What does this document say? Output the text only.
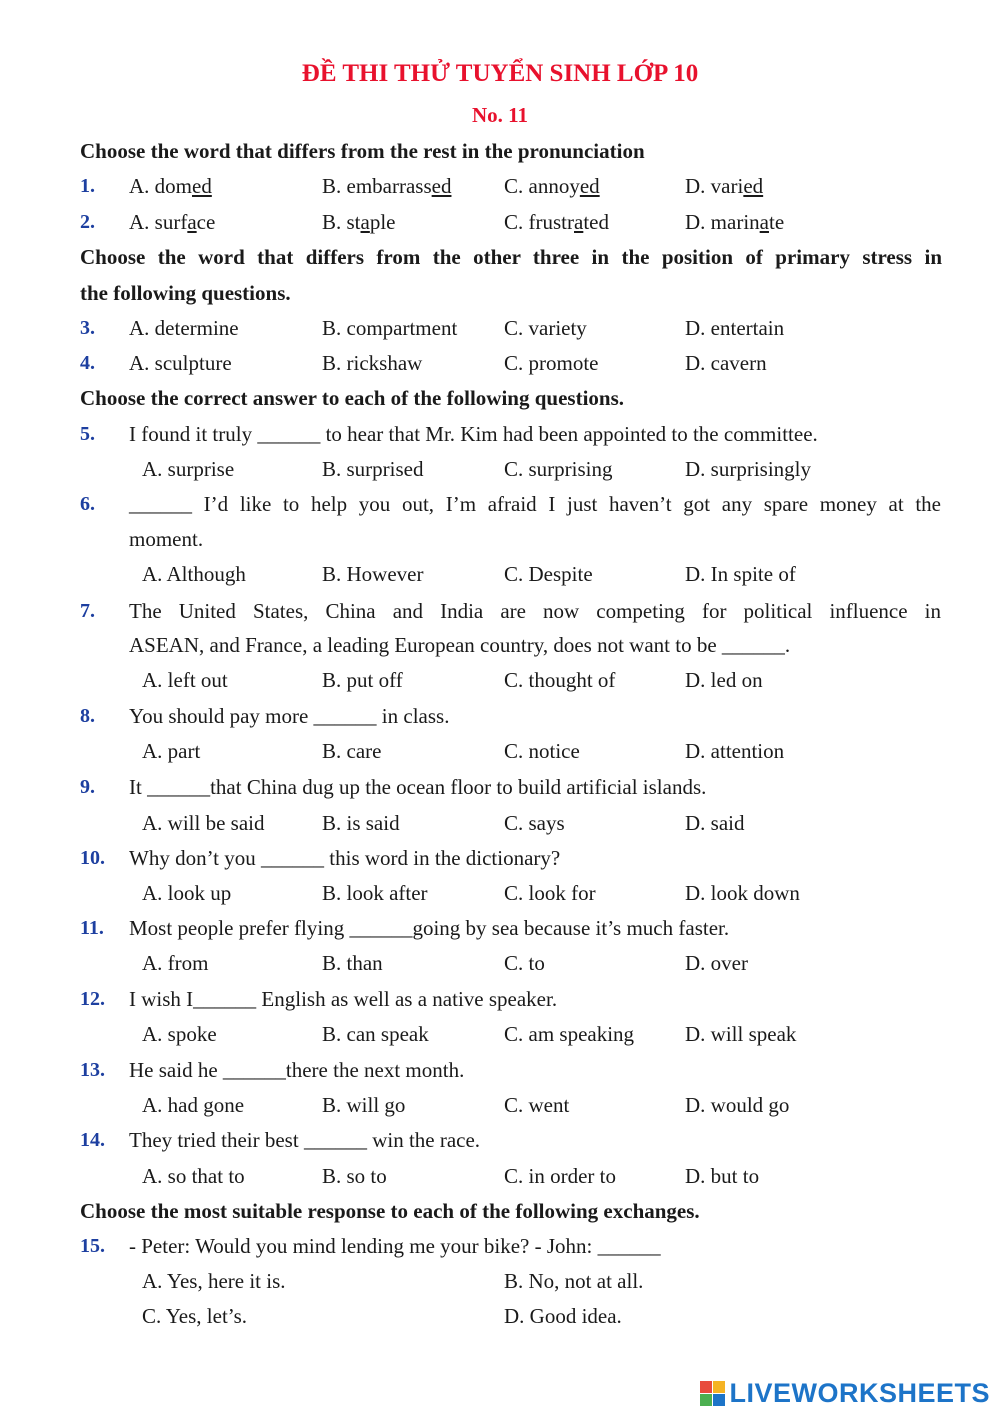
ĐỀ THI THỬ TUYỂN SINH LỚP 10
No. 11
Choose the word that differs from the rest in the pronunciation
1. A. domed	B. embarrassed	C. annoyed	D. varied
2. A. surface	B. staple	C. frustrated	D. marinate
Choose the word that differs from the other three in the position of primary stress in
the following questions.
3. A. determine	B. compartment C. variety	D. entertain
4. A. sculpture	B. rickshaw	C. promote	D. cavern
Choose the correct answer to each of the following questions.
5. I found it truly ______ to hear that Mr. Kim had been appointed to the committee.
A. surprise	B. surprised	C. surprising	D. surprisingly
6. ______ I’d like to help you out, I’m afraid I just haven’t got any spare money at the
moment.
A. Although	B. However	C. Despite	D. In spite of
7. The United States, China and India are now competing for political influence in
ASEAN, and France, a leading European country, does not want to be ______.
A. left out	B. put off	C. thought of	D. led on
8. You should pay more ______ in class.
A. part	B. care	C. notice	D. attention
9. It ______that China dug up the ocean floor to build artificial islands.
A. will be said	B. is said	C. says	D. said
10. Why don’t you ______ this word in the dictionary?
A. look up	B. look after	C. look for	D. look down
11. Most people prefer flying ______going by sea because it’s much faster.
A. from	B. than	C. to	D. over
12. I wish I______ English as well as a native speaker.
A. spoke	B. can speak	C. am speaking D. will speak
13. He said he ______there the next month.
A. had gone	B. will go	C. went	D. would go
14. They tried their best ______ win the race.
A. so that to	B. so to	C. in order to	D. but to
Choose the most suitable response to each of the following exchanges.
15. - Peter: Would you mind lending me your bike? - John: ______
A. Yes, here it is.	B. No, not at all.
C. Yes, let’s.	D. Good idea.
LIVEWORKSHEETS
